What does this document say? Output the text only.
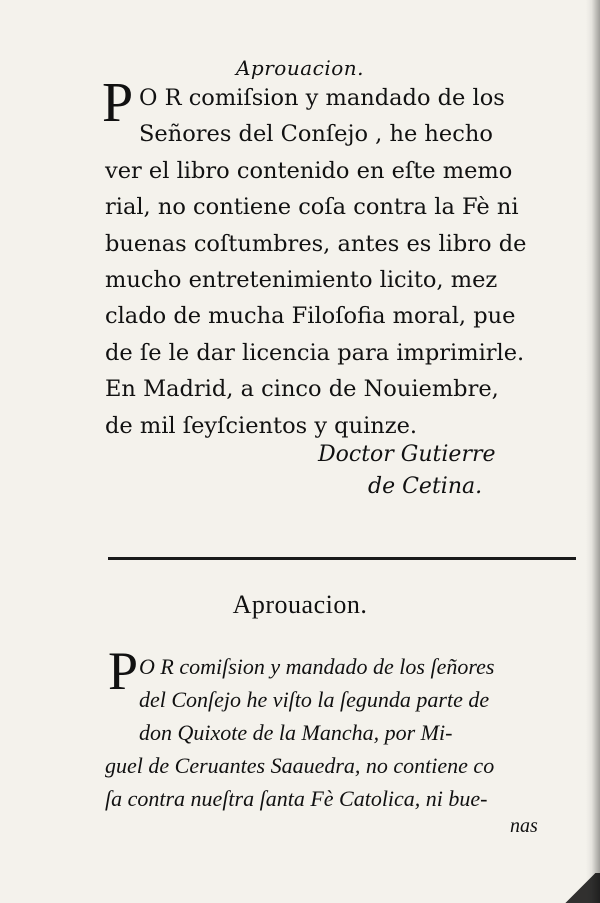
Aprouacion.
P O R comiſsion y mandado de los
Señores del Conſejo , he hecho
ver el libro contenido en eſte memo
rial, no contiene coſa contra la Fè ni
buenas coſtumbres, antes es libro de
mucho entretenimiento licito, mez
clado de mucha Filoſofia moral, pue
de ſe le dar licencia para imprimirle.
En Madrid, a cinco de Nouiembre,
de mil ſeyſcientos y quinze.
Doctor Gutierre
de Cetina.
Aprouacion.
P O R comiſsion y mandado de los ſeñores
del Conſejo he viſto la ſegunda parte de
don Quixote de la Mancha, por Mi-
guel de Ceruantes Saauedra, no contiene co
ſa contra nueſtra ſanta Fè Catolica, ni bue-
nas
